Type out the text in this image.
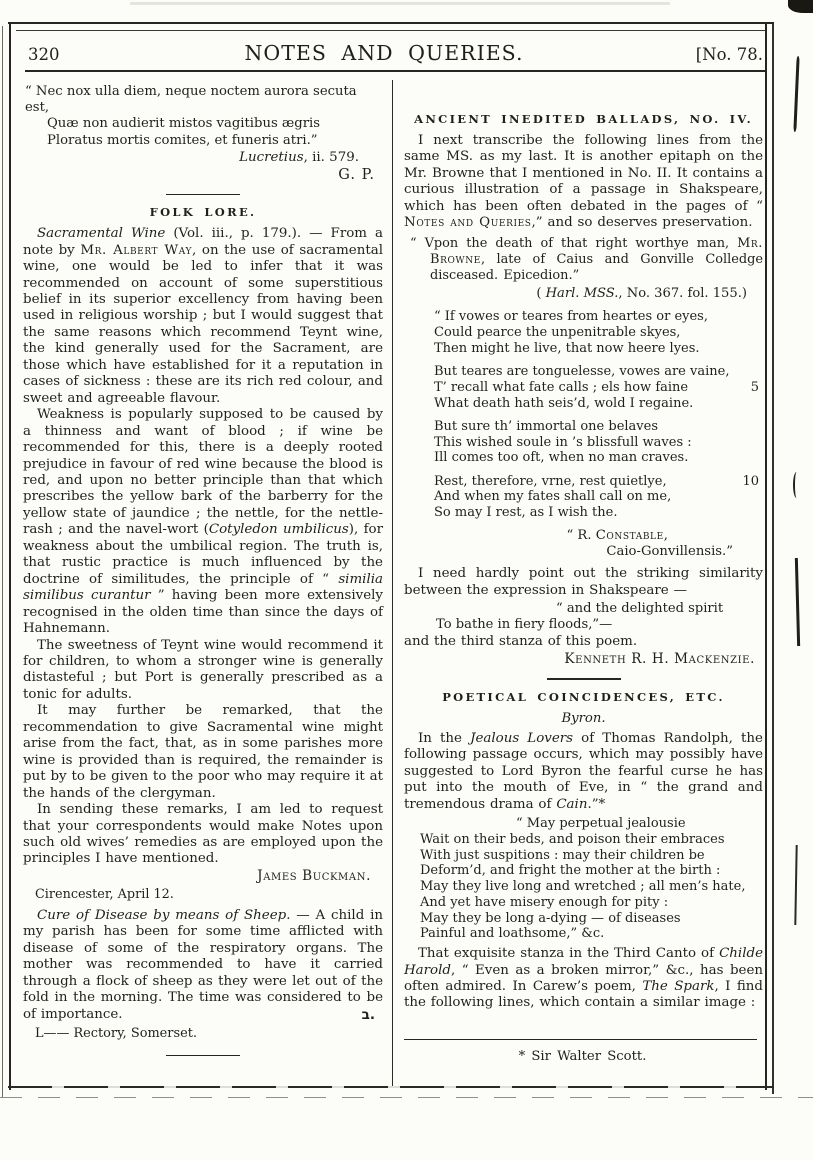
320	NOTES AND QUERIES.	[No. 78.
“ Nec nox ulla diem, neque noctem aurora secuta est,
Quæ non audierit mistos vagitibus ægris
Ploratus mortis comites, et funeris atri.”
Lucretius, ii. 579.
G. P.
FOLK LORE.

Sacramental Wine (Vol. iii., p. 179.). — From a note by Mr. Albert Way, on the use of sacramental wine, one would be led to infer that it was recommended on account of some superstitious belief in its superior excellency from having been used in religious worship ; but I would suggest that the same reasons which recommend Teynt wine, the kind generally used for the Sacrament, are those which have established for it a reputation in cases of sickness : these are its rich red colour, and sweet and agreeable flavour.

Weakness is popularly supposed to be caused by a thinness and want of blood ; if wine be recommended for this, there is a deeply rooted prejudice in favour of red wine because the blood is red, and upon no better principle than that which prescribes the yellow bark of the barberry for the yellow state of jaundice ; the nettle, for the nettle-rash ; and the navel-wort (Cotyledon umbilicus), for weakness about the umbilical region. The truth is, that rustic practice is much influenced by the doctrine of similitudes, the principle of “ similia similibus curantur ” having been more extensively recognised in the olden time than since the days of Hahnemann.

The sweetness of Teynt wine would recommend it for children, to whom a stronger wine is generally distasteful ; but Port is generally prescribed as a tonic for adults.

It may further be remarked, that the recommendation to give Sacramental wine might arise from the fact, that, as in some parishes more wine is provided than is required, the remainder is put by to be given to the poor who may require it at the hands of the clergyman.

In sending these remarks, I am led to request that your correspondents would make Notes upon such old wives’ remedies as are employed upon the principles I have mentioned.

James Buckman.
Cirencester, April 12.

Cure of Disease by means of Sheep. — A child in my parish has been for some time afflicted with disease of some of the respiratory organs. The mother was recommended to have it carried through a flock of sheep as they were let out of the fold in the morning. The time was considered to be of importance.	ב.
L—— Rectory, Somerset.
ANCIENT INEDITED BALLADS, NO. IV.

I next transcribe the following lines from the same MS. as my last. It is another epitaph on the Mr. Browne that I mentioned in No. II. It contains a curious illustration of a passage in Shakspeare, which has been often debated in the pages of “ Notes and Queries,” and so deserves preservation.

“ Vpon the death of that right worthye man, Mr. Browne, late of Caius and Gonville Colledge disceased. Epicedion.”
( Harl. MSS., No. 367. fol. 155.)
“ If vowes or teares from heartes or eyes,
Could pearce the unpenitrable skyes,
Then might he live, that now heere lyes.
But teares are tonguelesse, vowes are vaine,
T’ recall what fate calls ; els how faine	5
What death hath seis’d, wold I regaine.
But sure th’ immortal one belaves
This wished soule in ’s blissfull waves :
Ill comes too oft, when no man craves.
Rest, therefore, vrne, rest quietlye,	10
And when my fates shall call on me,
So may I rest, as I wish the.
“ R. Constable,
Caio-Gonvillensis.”

I need hardly point out the striking similarity between the expression in Shakspeare —

“ and the delighted spirit
To bathe in fiery floods,”—

and the third stanza of this poem.

Kenneth R. H. Mackenzie.
POETICAL COINCIDENCES, ETC.
Byron.

In the Jealous Lovers of Thomas Randolph, the following passage occurs, which may possibly have suggested to Lord Byron the fearful curse he has put into the mouth of Eve, in “ the grand and tremendous drama of Cain.”*

“ May perpetual jealousie
Wait on their beds, and poison their embraces
With just suspitions : may their children be
Deform’d, and fright the mother at the birth :
May they live long and wretched ; all men’s hate,
And yet have misery enough for pity :
May they be long a-dying — of diseases
Painful and loathsome,” &c.

That exquisite stanza in the Third Canto of Childe Harold, “ Even as a broken mirror,” &c., has been often admired. In Carew’s poem, The Spark, I find the following lines, which contain a similar image :

* Sir Walter Scott.
